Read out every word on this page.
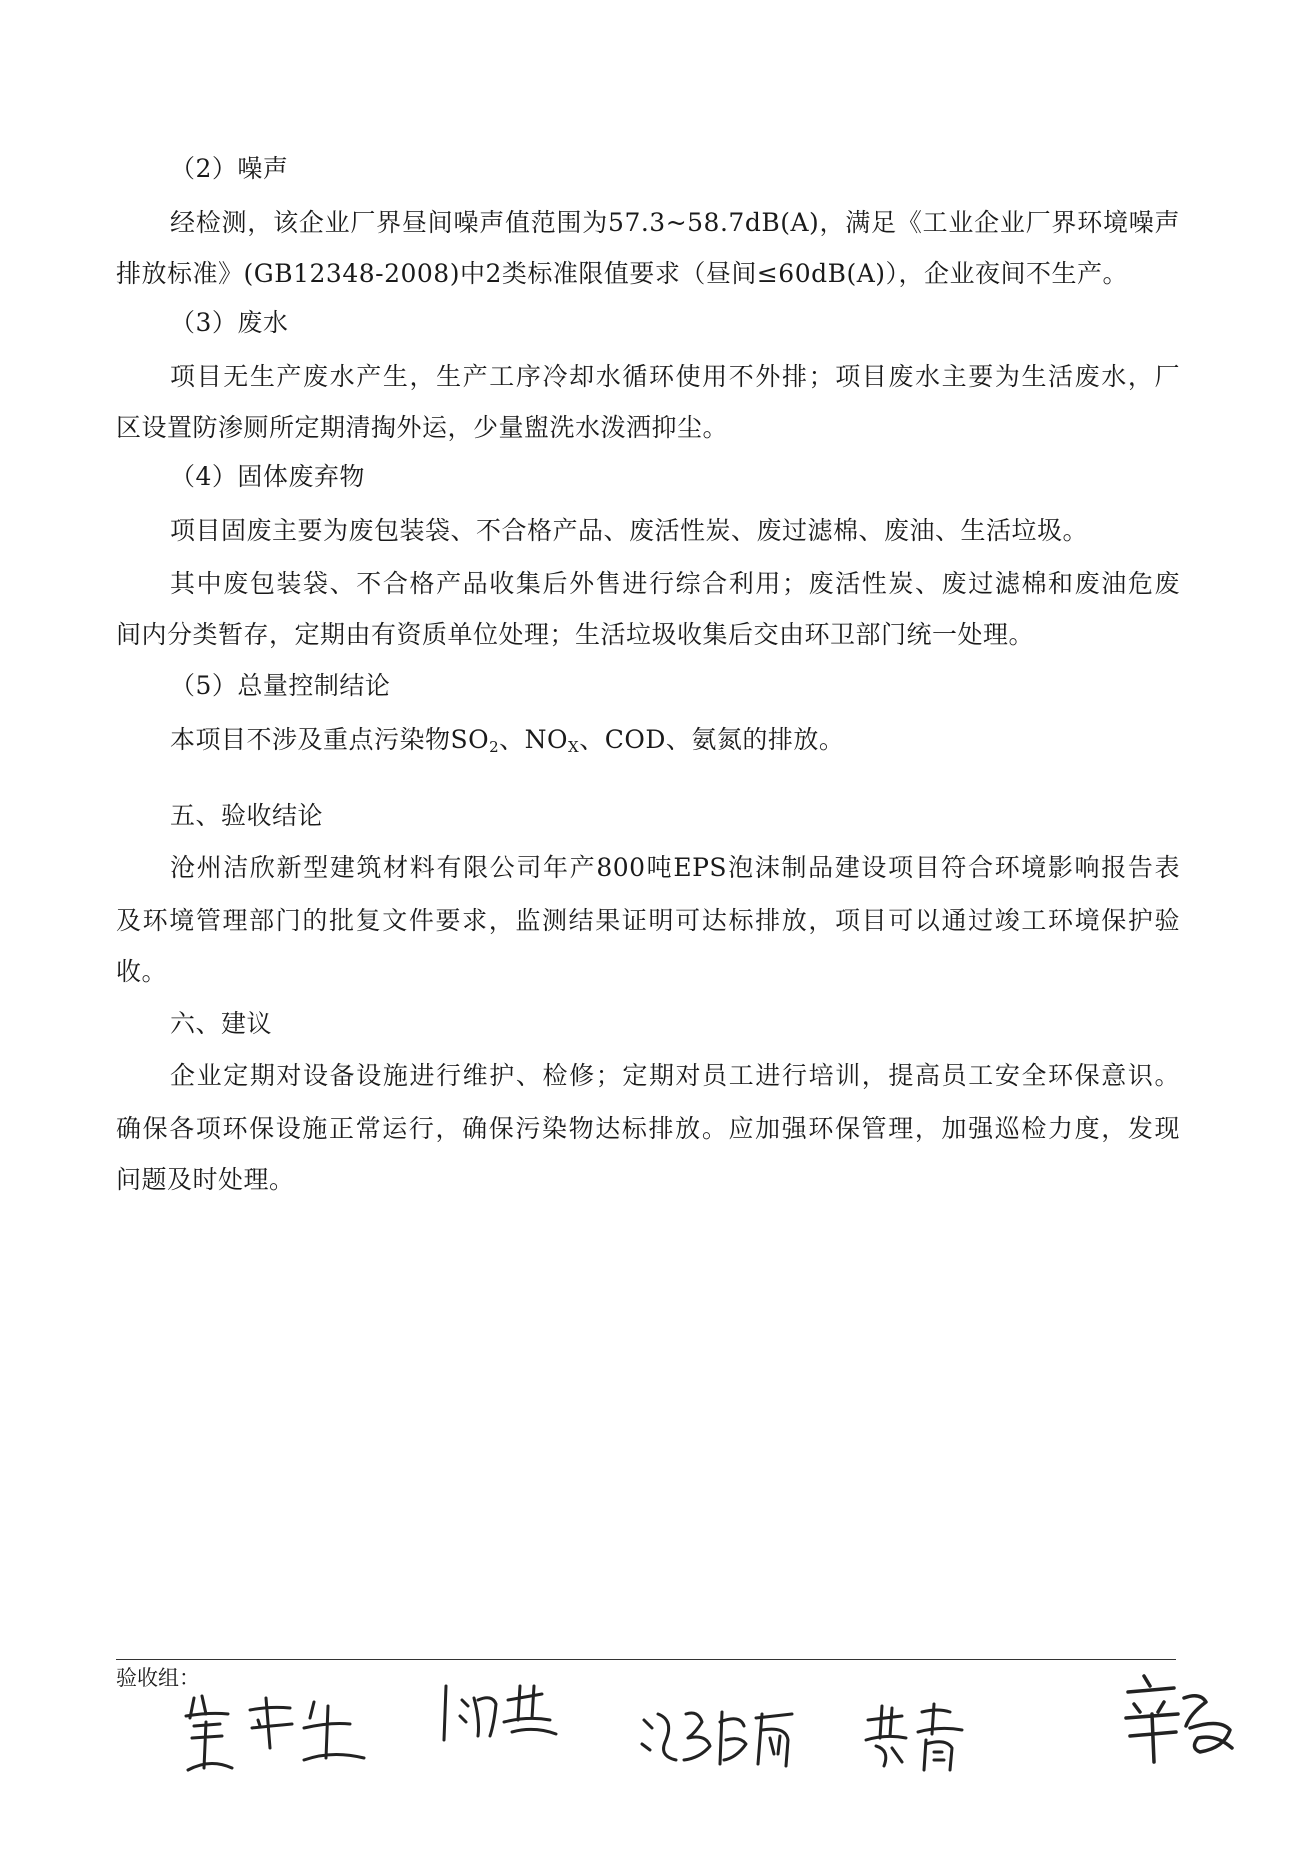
（2）噪声
经检测，该企业厂界昼间噪声值范围为57.3~58.7dB(A)，满足《工业企业厂界环境噪声
排放标准》(GB12348-2008)中2类标准限值要求（昼间≤60dB(A)），企业夜间不生产。
（3）废水
项目无生产废水产生，生产工序冷却水循环使用不外排；项目废水主要为生活废水，厂
区设置防渗厕所定期清掏外运，少量盥洗水泼洒抑尘。
（4）固体废弃物
项目固废主要为废包装袋、不合格产品、废活性炭、废过滤棉、废油、生活垃圾。
其中废包装袋、不合格产品收集后外售进行综合利用；废活性炭、废过滤棉和废油危废
间内分类暂存，定期由有资质单位处理；生活垃圾收集后交由环卫部门统一处理。
（5）总量控制结论
本项目不涉及重点污染物$SO_2$、$NO_X$、COD、氨氮的排放。
五、验收结论
沧州洁欣新型建筑材料有限公司年产800吨EPS泡沫制品建设项目符合环境影响报告表
及环境管理部门的批复文件要求，监测结果证明可达标排放，项目可以通过竣工环境保护验
收。
六、建议
企业定期对设备设施进行维护、检修；定期对员工进行培训，提高员工安全环保意识。
确保各项环保设施正常运行，确保污染物达标排放。应加强环保管理，加强巡检力度，发现
问题及时处理。
验收组：
